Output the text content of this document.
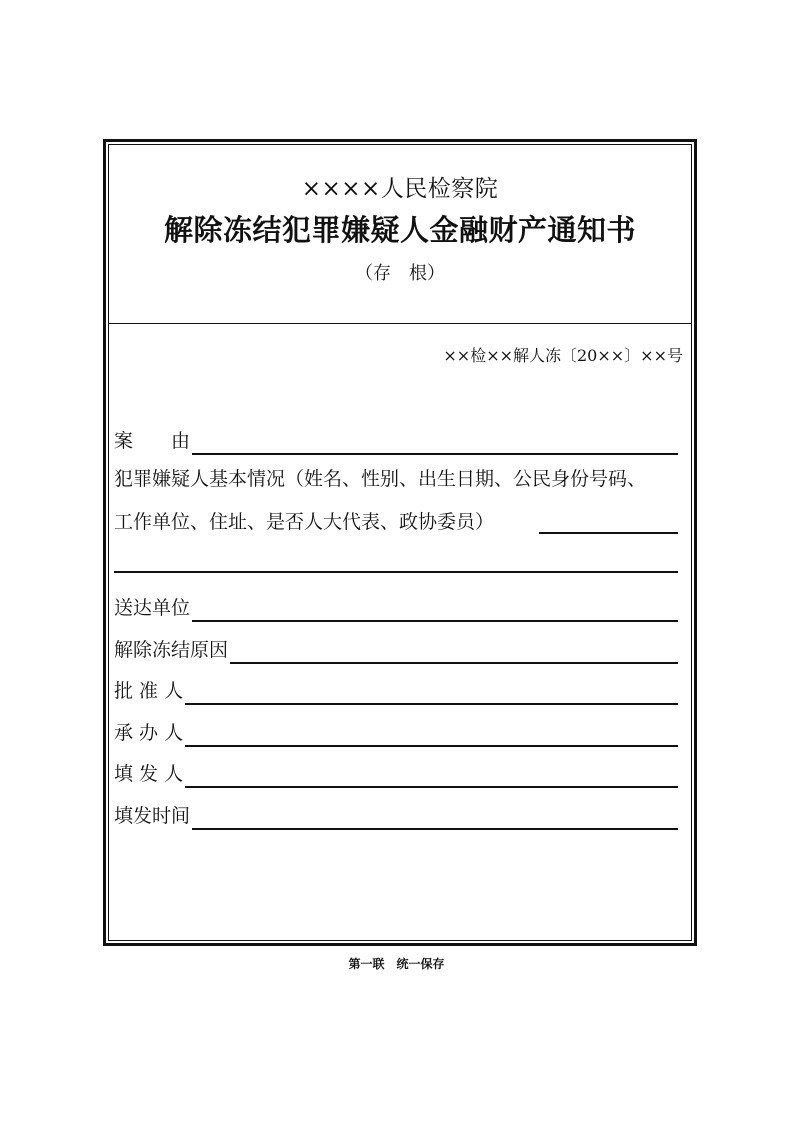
××××人民检察院
解除冻结犯罪嫌疑人金融财产通知书
（存　根）
××检××解人冻〔20××〕××号
案　　由
犯罪嫌疑人基本情况（姓名、性别、出生日期、公民身份号码、
工作单位、住址、是否人大代表、政协委员）
送达单位
解除冻结原因
批 准 人
承 办 人
填 发 人
填发时间
第一联　统一保存
